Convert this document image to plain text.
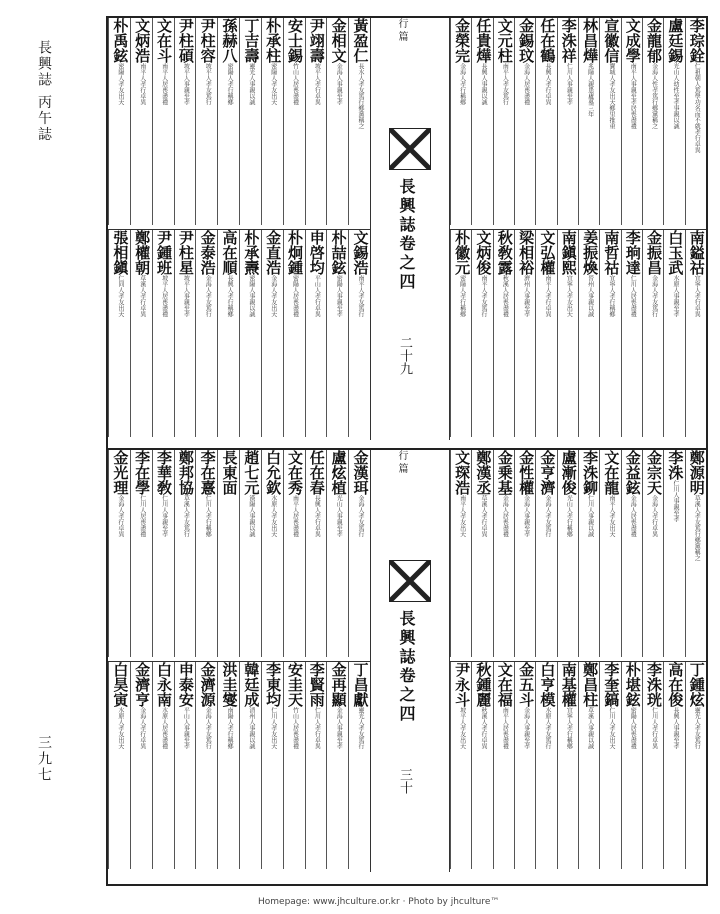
長興誌 丙午誌
三九七
李琮銓
仁祖朝人篤學功名而不就孝行卓異
盧廷錫
光山人幼性至孝事親以誠
金龍郁
金海人性孝篤行鄕黨稱之
文成學
南平人事親至孝居喪盡禮
宣徽信
寶城人孝友出天鄕里推重
林昌燁
兆陽人親患廬墓三年
李洙祥
仁川人事親至孝
任在鶴
長興人孝行卓異
金錫玟
金海人居喪盡禮
文元柱
南平人孝友篤行
任貴燁
長興人事親以誠
金榮完
金海人孝行稱鄕
南鎰祜
宜寧人孝行卓異
白玉武
水原人事親至孝
金振昌
金海人孝友篤行
李珦達
仁川人居喪盡禮
南哲祜
宜寧人孝行稱鄕
姜振煥
晉州人事親以誠
南鎭熙
宜寧人孝友出天
文弘權
南平人孝行卓異
梁相裕
濟州人事親至孝
秋敎露
秋溪人居喪盡禮
文炳俊
南平人孝友篤行
朴徽元
密陽人孝行稱鄕
行 篇
長興誌卷之四
二十九
黃盈仁
長水人孝友篤行鄕黨稱之
金相文
金海人事親至孝
尹翊壽
坡平人孝行卓異
安士錫
竹山人居喪盡禮
朴承柱
密陽人孝友出天
丁吉壽
靈光人事親以誠
孫赫八
密陽人孝行稱鄕
尹柱容
坡平人孝友篤行
尹柱碩
坡平人事親至孝
文在斗
南平人居喪盡禮
文炳浩
南平人孝行卓異
朴禹鉉
密陽人孝友出天
文錫浩
南平人孝友篤行
朴喆鉉
密陽人事親至孝
申啓均
平山人孝行卓異
朴炯鍾
密陽人居喪盡禮
金直浩
金海人孝友出天
朴承燾
密陽人事親以誠
高在順
長興人孝行稱鄕
金泰浩
金海人孝友篤行
尹柱星
坡平人事親至孝
尹鍾班
坡平人居喪盡禮
鄭權朝
草溪人孝行卓異
張相鎭
仁同人孝友出天
鄭源明
草溪人孝友篤行鄕黨稱之
李洙
仁川人事親至孝
金宗天
金海人孝行卓異
金益鉉
金海人居喪盡禮
文在龍
南平人孝友出天
李洙鉚
仁川人事親以誠
盧漸俊
光山人孝行稱鄕
金亨濟
金海人孝友篤行
金性權
金海人事親至孝
金乗基
金海人居喪盡禮
鄭漢丞
草溪人孝行卓異
文琛浩
南平人孝友出天
丁鍾炫
靈光人孝友篤行
高在俊
長興人事親至孝
李洙珖
仁川人孝行卓異
朴堪鉉
密陽人居喪盡禮
李奎鎬
仁川人孝友出天
鄭昌柱
草溪人事親以誠
南基權
宜寧人孝行稱鄕
白亨模
水原人孝友篤行
金五斗
金海人事親至孝
文在福
南平人居喪盡禮
秋鍾麗
秋溪人孝行卓異
尹永斗
坡平人孝友出天
行 篇
長興誌卷之四
三十
金漢珥
金海人孝友篤行
盧炫植
光山人事親至孝
任在春
長興人孝行卓異
文在秀
南平人居喪盡禮
白允欽
水原人孝友出天
趙七元
漢陽人事親以誠
長東面
李在憙
仁川人孝行稱鄕
鄭邦協
草溪人孝友篤行
李華敎
仁川人事親至孝
李在學
仁川人居喪盡禮
金光理
金海人孝行卓異
丁昌獻
靈光人孝友篤行
金再顯
金海人事親至孝
李賢雨
仁川人孝行卓異
安圭天
竹山人居喪盡禮
李東均
仁川人孝友出天
韓廷成
清州人事親以誠
洪圭燮
南陽人孝行稱鄕
金濟源
金海人孝友篤行
申泰安
平山人事親至孝
白永南
水原人居喪盡禮
金濟亨
金海人孝行卓異
白昊寅
水原人孝友出天
Homepage: www.jhculture.or.kr · Photo by jhculture™
